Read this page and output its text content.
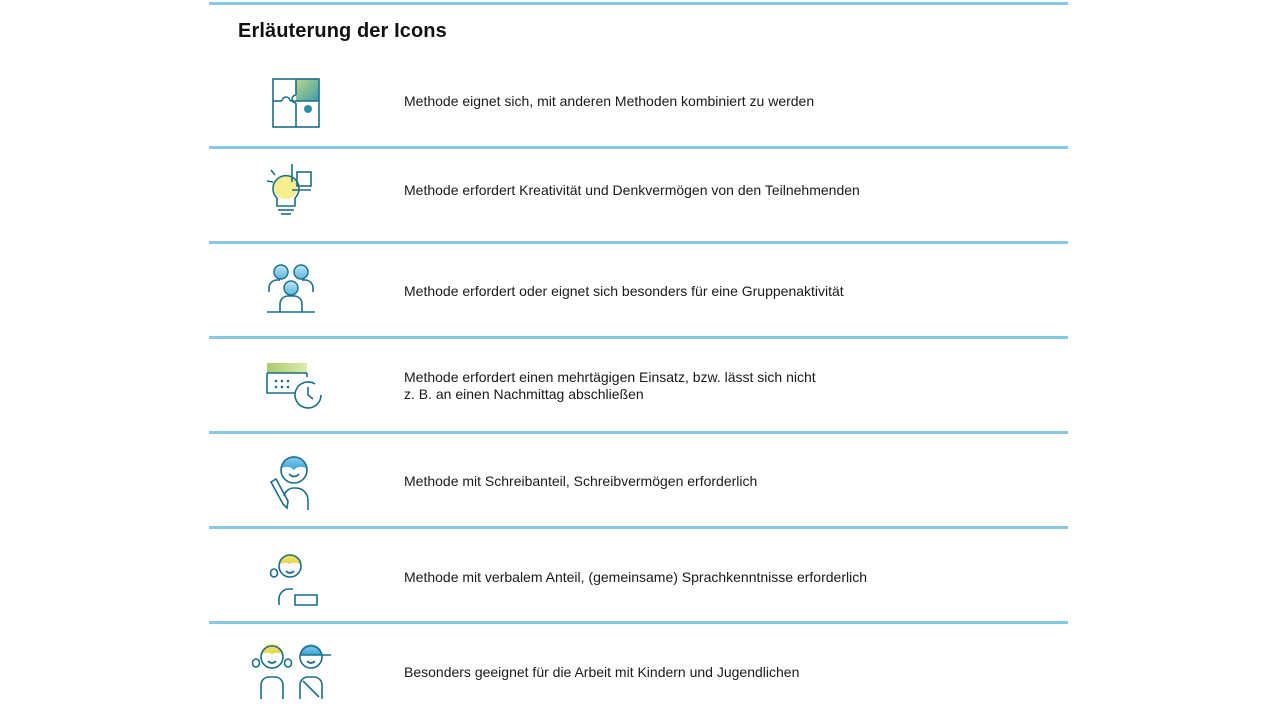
Erläuterung der Icons
Methode eignet sich, mit anderen Methoden kombiniert zu werden
Methode erfordert Kreativität und Denkvermögen von den Teilnehmenden
Methode erfordert oder eignet sich besonders für eine Gruppenaktivität
Methode erfordert einen mehrtägigen Einsatz, bzw. lässt sich nicht
z. B. an einen Nachmittag abschließen
Methode mit Schreibanteil, Schreibvermögen erforderlich
Methode mit verbalem Anteil, (gemeinsame) Sprachkenntnisse erforderlich
Besonders geeignet für die Arbeit mit Kindern und Jugendlichen
